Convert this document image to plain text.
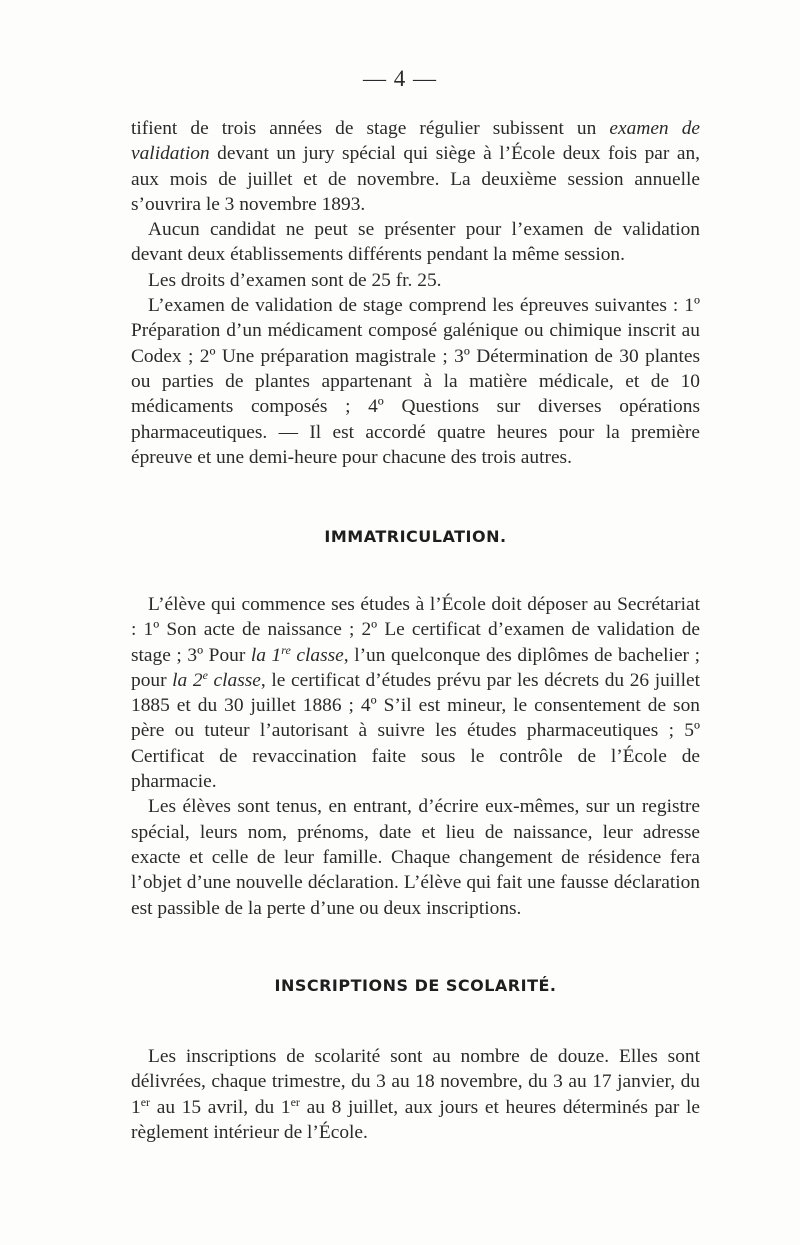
— 4 —

tifient de trois années de stage régulier subissent un examen de validation devant un jury spécial qui siège à l’École deux fois par an, aux mois de juillet et de novembre. La deuxième session annuelle s’ouvrira le 3 novembre 1893.

Aucun candidat ne peut se présenter pour l’examen de validation devant deux établissements différents pendant la même session.

Les droits d’examen sont de 25 fr. 25.

L’examen de validation de stage comprend les épreuves suivantes : 1º Préparation d’un médicament composé galénique ou chimique inscrit au Codex ; 2º Une préparation magistrale ; 3º Détermination de 30 plantes ou parties de plantes appartenant à la matière médicale, et de 10 médicaments composés ; 4º Questions sur diverses opérations pharmaceutiques. — Il est accordé quatre heures pour la première épreuve et une demi-heure pour chacune des trois autres.

IMMATRICULATION.

L’élève qui commence ses études à l’École doit déposer au Secrétariat : 1º Son acte de naissance ; 2º Le certificat d’examen de validation de stage ; 3º Pour la 1re classe, l’un quelconque des diplômes de bachelier ; pour la 2e classe, le certificat d’études prévu par les décrets du 26 juillet 1885 et du 30 juillet 1886 ; 4º S’il est mineur, le consentement de son père ou tuteur l’autorisant à suivre les études pharmaceutiques ; 5º Certificat de revaccination faite sous le contrôle de l’École de pharmacie.

Les élèves sont tenus, en entrant, d’écrire eux-mêmes, sur un registre spécial, leurs nom, prénoms, date et lieu de naissance, leur adresse exacte et celle de leur famille. Chaque changement de résidence fera l’objet d’une nouvelle déclaration. L’élève qui fait une fausse déclaration est passible de la perte d’une ou deux inscriptions.

INSCRIPTIONS DE SCOLARITÉ.

Les inscriptions de scolarité sont au nombre de douze. Elles sont délivrées, chaque trimestre, du 3 au 18 novembre, du 3 au 17 janvier, du 1er au 15 avril, du 1er au 8 juillet, aux jours et heures déterminés par le règlement intérieur de l’École.
